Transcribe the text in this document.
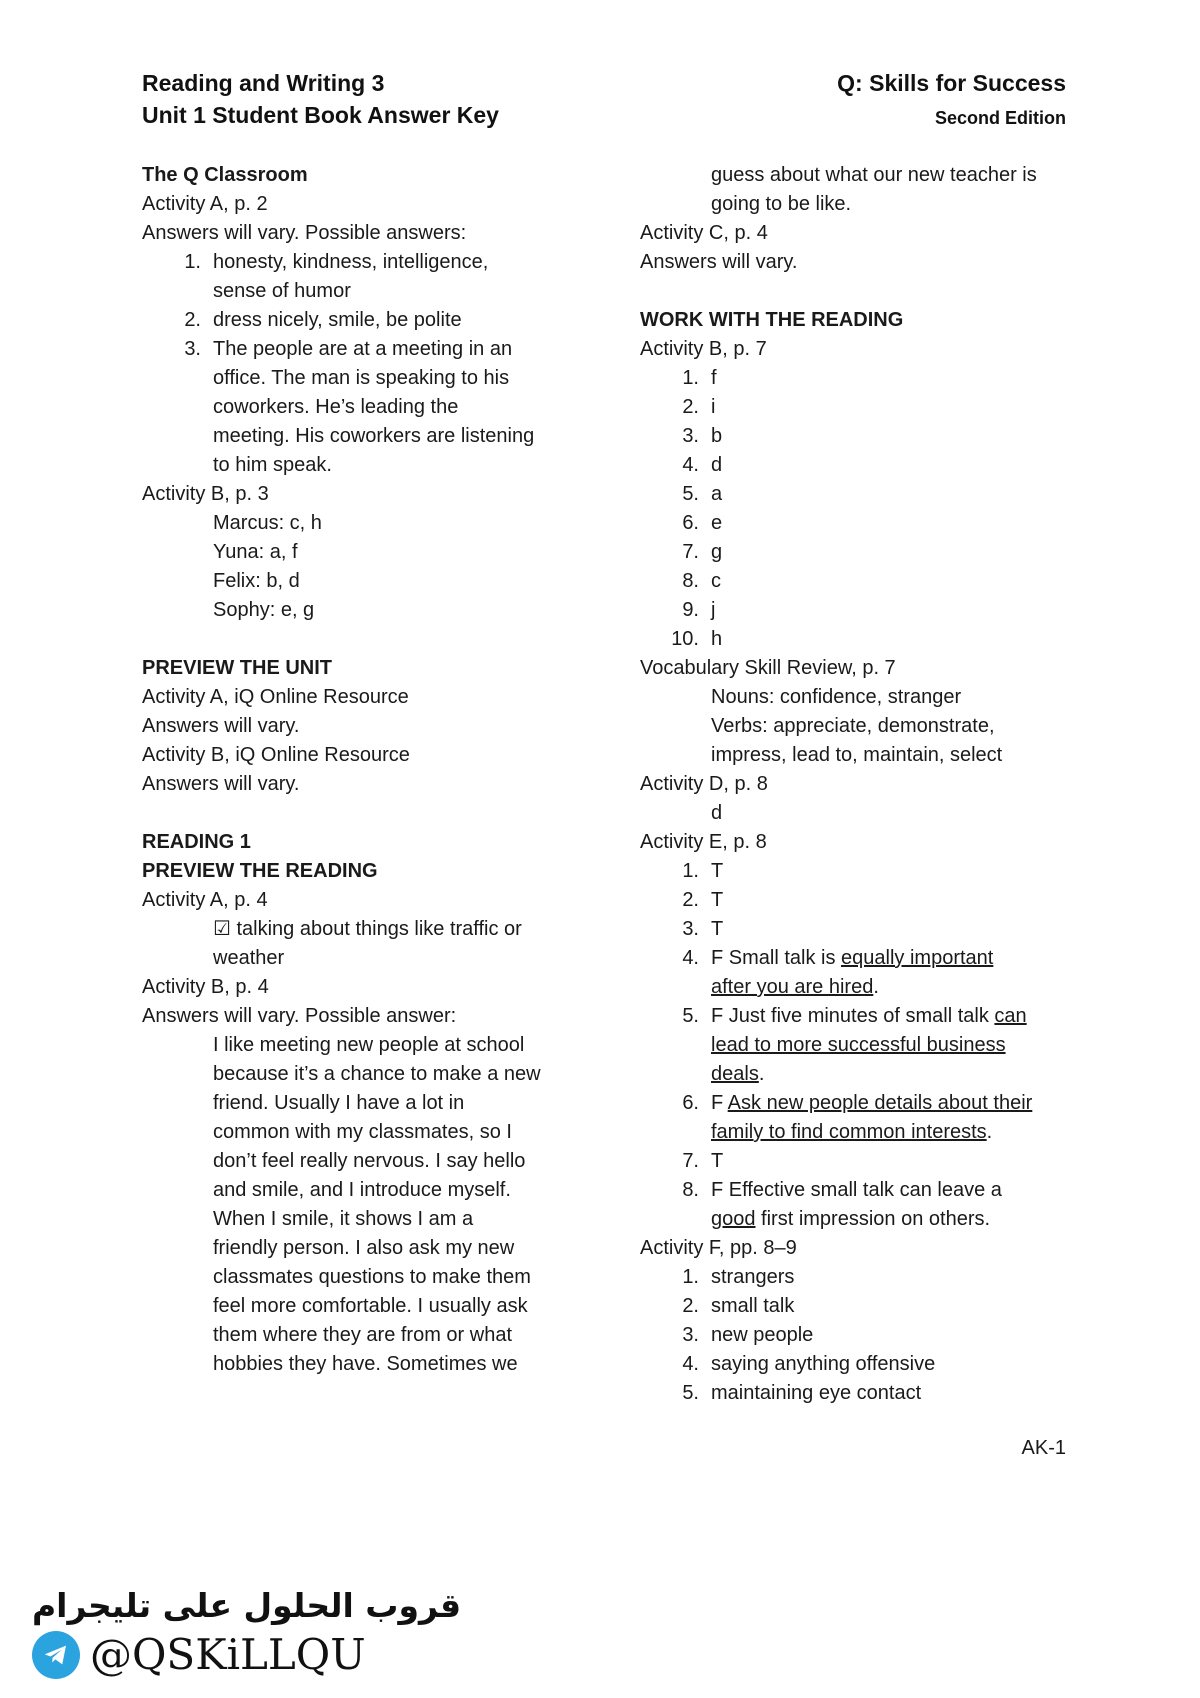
Reading and Writing 3
Unit 1 Student Book Answer Key
Q: Skills for Success
Second Edition
The Q Classroom
Activity A, p. 2
Answers will vary. Possible answers:
1. honesty, kindness, intelligence,
sense of humor
2. dress nicely, smile, be polite
3. The people are at a meeting in an
office. The man is speaking to his
coworkers. He’s leading the
meeting. His coworkers are listening
to him speak.
Activity B, p. 3
Marcus: c, h
Yuna: a, f
Felix: b, d
Sophy: e, g
PREVIEW THE UNIT
Activity A, iQ Online Resource
Answers will vary.
Activity B, iQ Online Resource
Answers will vary.
READING 1
PREVIEW THE READING
Activity A, p. 4
☑ talking about things like traffic or
weather
Activity B, p. 4
Answers will vary. Possible answer:
I like meeting new people at school
because it’s a chance to make a new
friend. Usually I have a lot in
common with my classmates, so I
don’t feel really nervous. I say hello
and smile, and I introduce myself.
When I smile, it shows I am a
friendly person. I also ask my new
classmates questions to make them
feel more comfortable. I usually ask
them where they are from or what
hobbies they have. Sometimes we
guess about what our new teacher is
going to be like.
Activity C, p. 4
Answers will vary.
WORK WITH THE READING
Activity B, p. 7
1. f
2. i
3. b
4. d
5. a
6. e
7. g
8. c
9. j
10. h
Vocabulary Skill Review, p. 7
Nouns: confidence, stranger
Verbs: appreciate, demonstrate,
impress, lead to, maintain, select
Activity D, p. 8
d
Activity E, p. 8
1. T
2. T
3. T
4. F Small talk is equally important
after you are hired.
5. F Just five minutes of small talk can
lead to more successful business
deals.
6. F Ask new people details about their
family to find common interests.
7. T
8. F Effective small talk can leave a
good first impression on others.
Activity F, pp. 8–9
1. strangers
2. small talk
3. new people
4. saying anything offensive
5. maintaining eye contact
AK-1
قروب الحلول على تليجرام
@QSKiLLQU
